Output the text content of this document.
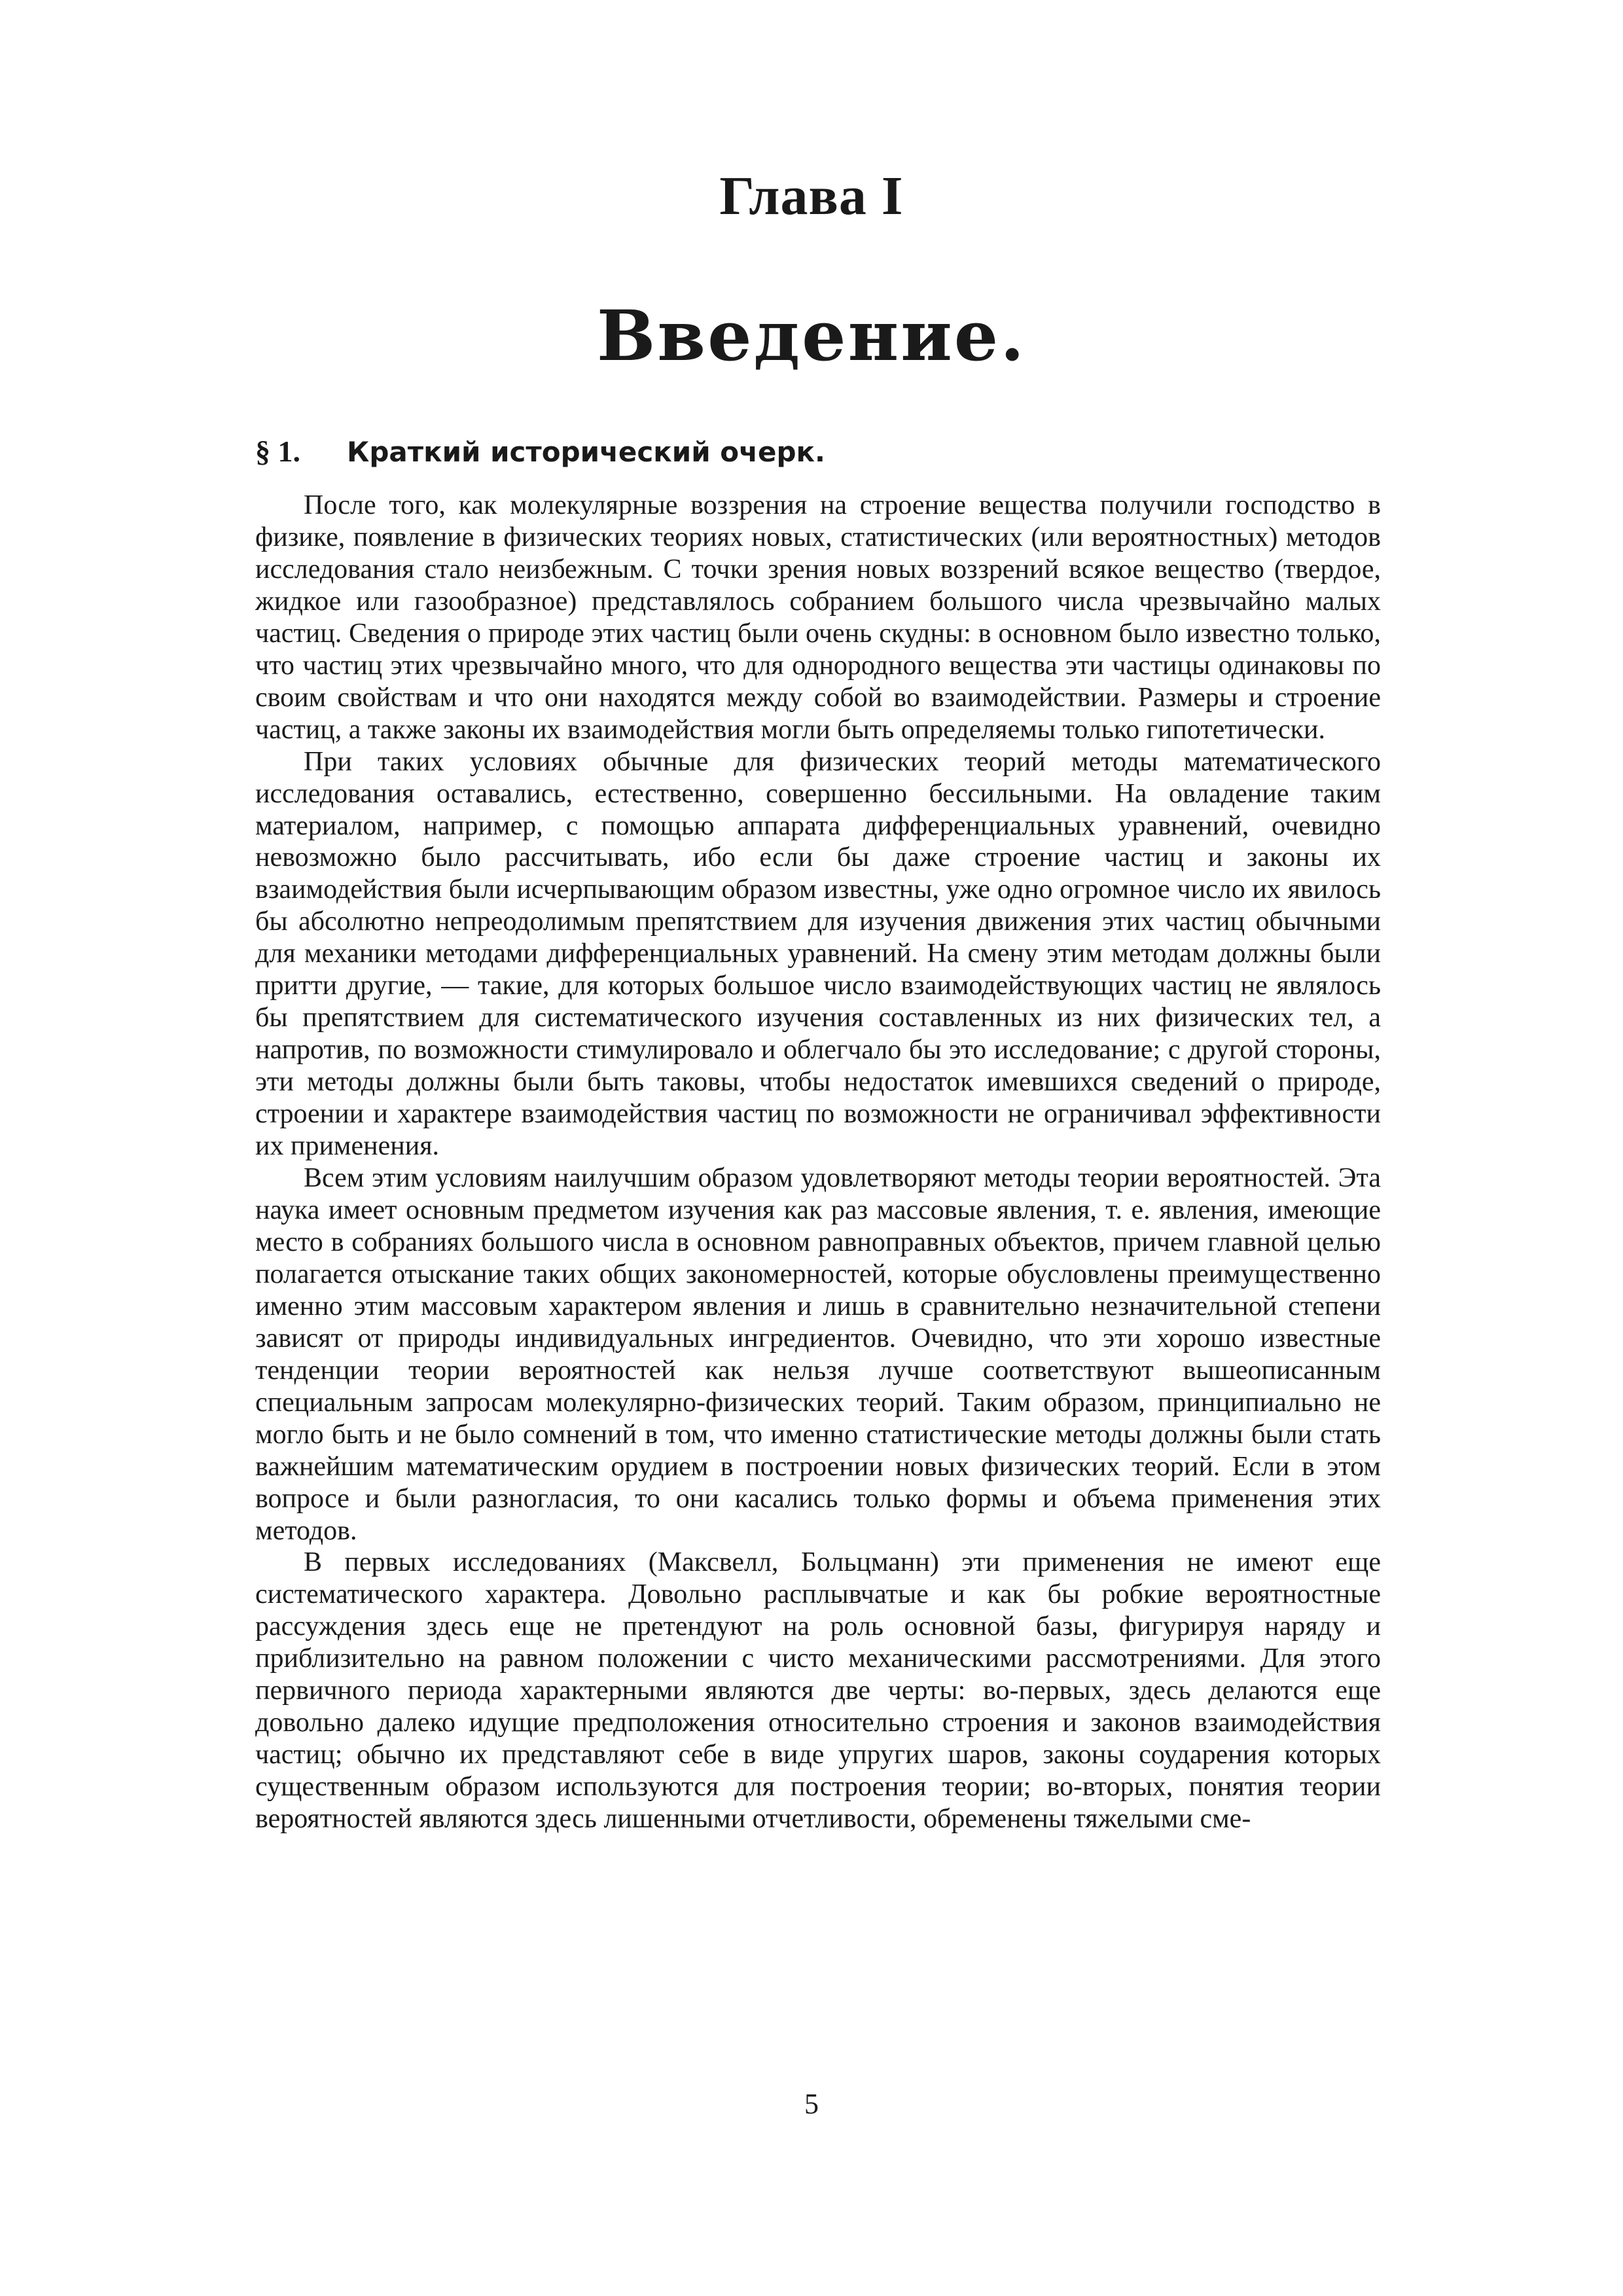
Глава I
Введение.
§ 1. Краткий исторический очерк.

После того, как молекулярные воззрения на строение вещества получили господство в физике, появление в физических теориях новых, статистических (или вероятностных) методов исследования стало неизбежным. С точки зрения новых воззрений всякое вещество (твердое, жидкое или газообразное) представлялось собранием большого числа чрезвычайно малых частиц. Сведения о природе этих частиц были очень скудны: в основном было известно только, что частиц этих чрезвычайно много, что для однородного вещества эти частицы одинаковы по своим свойствам и что они находятся между собой во взаимодействии. Размеры и строение частиц, а также законы их взаимодействия могли быть определяемы только гипотетически.

При таких условиях обычные для физических теорий методы математического исследования оставались, естественно, совершенно бессильными. На овладение таким материалом, например, с помощью аппарата дифференциальных уравнений, очевидно невозможно было рассчитывать, ибо если бы даже строение частиц и законы их взаимодействия были исчерпывающим образом известны, уже одно огромное число их явилось бы абсолютно непреодолимым препятствием для изучения движения этих частиц обычными для механики методами дифференциальных уравнений. На смену этим методам должны были притти другие, — такие, для которых большое число взаимодействующих частиц не являлось бы препятствием для систематического изучения составленных из них физических тел, а напротив, по возможности стимулировало и облегчало бы это исследование; с другой стороны, эти методы должны были быть таковы, чтобы недостаток имевшихся сведений о природе, строении и характере взаимодействия частиц по возможности не ограничивал эффективности их применения.

Всем этим условиям наилучшим образом удовлетворяют методы теории вероятностей. Эта наука имеет основным предметом изучения как раз массовые явления, т. е. явления, имеющие место в собраниях большого числа в основном равноправных объектов, причем главной целью полагается отыскание таких общих закономерностей, которые обусловлены преимущественно именно этим массовым характером явления и лишь в сравнительно незначительной степени зависят от природы индивидуальных ингредиентов. Очевидно, что эти хорошо известные тенденции теории вероятностей как нельзя лучше соответствуют вышеописанным специальным запросам молекулярно-физических теорий. Таким образом, принципиально не могло быть и не было сомнений в том, что именно статистические методы должны были стать важнейшим математическим орудием в построении новых физических теорий. Если в этом вопросе и были разногласия, то они касались только формы и объема применения этих методов.

В первых исследованиях (Максвелл, Больцманн) эти применения не имеют еще систематического характера. Довольно расплывчатые и как бы робкие вероятностные рассуждения здесь еще не претендуют на роль основной базы, фигурируя наряду и приблизительно на равном положении с чисто механическими рассмотрениями. Для этого первичного периода характерными являются две черты: во-первых, здесь делаются еще довольно далеко идущие предположения относительно строения и законов взаимодействия частиц; обычно их представляют себе в виде упругих шаров, законы соударения которых существенным образом используются для построения теории; во-вторых, понятия теории вероятностей являются здесь лишенными отчетливости, обременены тяжелыми сме-

5
